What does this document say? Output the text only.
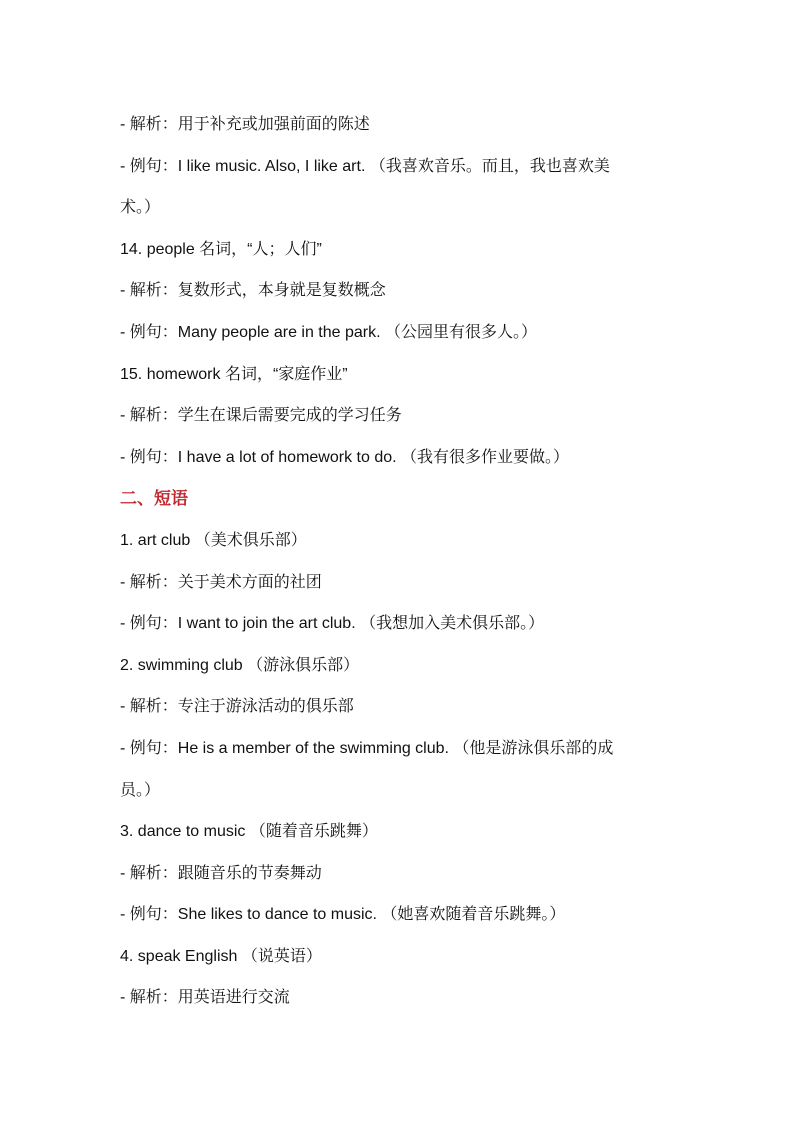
- 解析：用于补充或加强前面的陈述
- 例句：I like music. Also, I like art. （我喜欢音乐。而且，我也喜欢美
术。）
14. people 名词，“人；人们”
- 解析：复数形式，本身就是复数概念
- 例句：Many people are in the park. （公园里有很多人。）
15. homework 名词，“家庭作业”
- 解析：学生在课后需要完成的学习任务
- 例句：I have a lot of homework to do. （我有很多作业要做。）
二、短语
1. art club （美术俱乐部）
- 解析：关于美术方面的社团
- 例句：I want to join the art club. （我想加入美术俱乐部。）
2. swimming club （游泳俱乐部）
- 解析：专注于游泳活动的俱乐部
- 例句：He is a member of the swimming club. （他是游泳俱乐部的成
员。）
3. dance to music （随着音乐跳舞）
- 解析：跟随音乐的节奏舞动
- 例句：She likes to dance to music. （她喜欢随着音乐跳舞。）
4. speak English （说英语）
- 解析：用英语进行交流
